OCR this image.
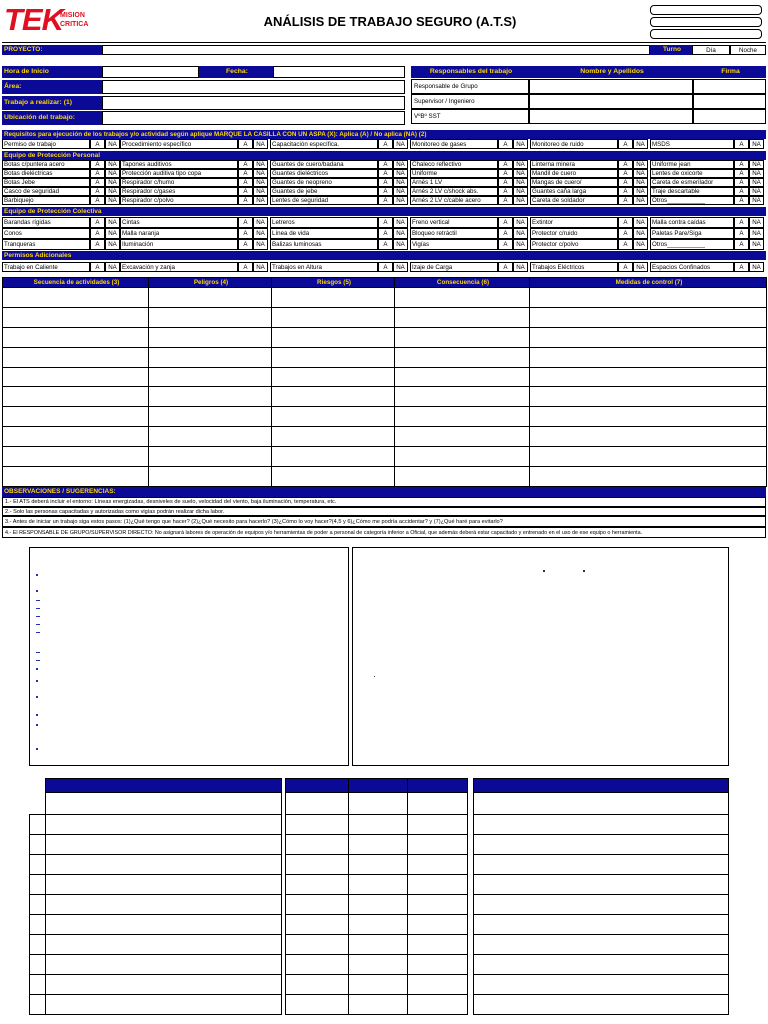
TEK
MISION
CRITICA	ANÁLISIS DE TRABAJO SEGURO (A.T.S)
PROYECTO:	Turno	Día	Noche
Hora de Inicio	Fecha:
Área:
Trabajo a realizar: (1)
Ubicación del trabajo:
Responsables del trabajo	Nombre y Apellidos	Firma
Responsable de Grupo
Supervisor / Ingeniero
VºBº SST
Requisitos para ejecución de los trabajos y/o actividad según aplique MARQUE LA CASILLA CON UN ASPA (X): Aplica (A) / No aplica (NA) (2)
Permiso de trabajo	A	NA Procedimiento específico	A	NA	Capacitación específica.	A	NA	Monitoreo de gases	A	NA	Monitoreo de ruido	A	NA	MSDS	A	NA
Equipo de Protección Personal
Botas c/puntera acero	A	NA Tapones auditivos	A	NA	Guantes de cuero/badana	A	NA	Chaleco reflectivo	A	NA	Linterna minera	A	NA	Uniforme jean	A	NA
Botas dieléctricas	A	NA Protección auditiva tipo copa	A	NA	Guantes dieléctricos	A	NA	Uniforme	A	NA	Mandil de cuero	A	NA	Lentes de oxicorte	A	NA
Botas Jebe	A	NA Respirador c/humo	A	NA	Guantes de neopreno	A	NA	Arnés 1 LV	A	NA	Mangas de cuero/	A	NA	Careta de esmerilador	A	NA
Casco de seguridad	A	NA Respirador c/gases	A	NA	Guantes de jebe	A	NA	Arnés 2 LV c/shock abs.	A	NA	Guantes caña larga	A	NA	Traje descartable	A	NA
Barbiquejo	A	NA Respirador c/polvo	A	NA	Lentes de seguridad	A	NA	Arnés 2 LV c/cable acero	A	NA	Careta de soldador	A	NA	Otros___________	A	NA
Equipo de Protección Colectiva
Barandas rígidas	A	NA Cintas	A	NA	Letreros	A	NA	Freno vertical	A	NA	Extintor	A	NA	Malla contra caídas	A	NA
Conos	A	NA Malla naranja	A	NA	Línea de vida	A	NA	Bloqueo retráctil	A	NA	Protector c/ruido	A	NA	Paletas Pare/Siga	A	NA
Tranqueras	A	NA Iluminación	A	NA	Balizas luminosas	A	NA	Vigías	A	NA	Protector c/polvo	A	NA	Otros___________	A	NA
Permisos Adicionales
Trabajo en Caliente	A	NA Excavación y zanja	A	NA	Trabajos en Altura	A	NA	Izaje de Carga	A	NA	Trabajos Eléctricos	A	NA	Espacios Confinados	A	NA
Secuencia de actividades (3)	Peligros (4)	Riesgos (5)	Consecuencia (6)	Medidas de control (7)

OBSERVACIONES / SUGERENCIAS:
1.- El ATS deberá incluir el entorno: Líneas energizadas, desniveles de suelo, velocidad del viento, baja iluminación, temperatura, etc.
2.- Solo las personas capacitadas y autorizadas como vigías podrán realizar dicha labor.
3.- Antes de iniciar un trabajo siga estos pasos: (1)¿Qué tengo que hacer? (2)¿Qué necesito para hacerlo? (3)¿Cómo lo voy hacer?(4,5 y 6)¿Cómo me podría accidentar? y (7)¿Qué haré para evitarlo?
4.- El RESPONSABLE DE GRUPO/SUPERVISOR DIRECTO: No asignará labores de operación de equipos y/o herramientas de poder a personal de categoría inferior a Oficial, que además deberá estar capacitado y entrenado en el uso de ese equipo o herramienta.
